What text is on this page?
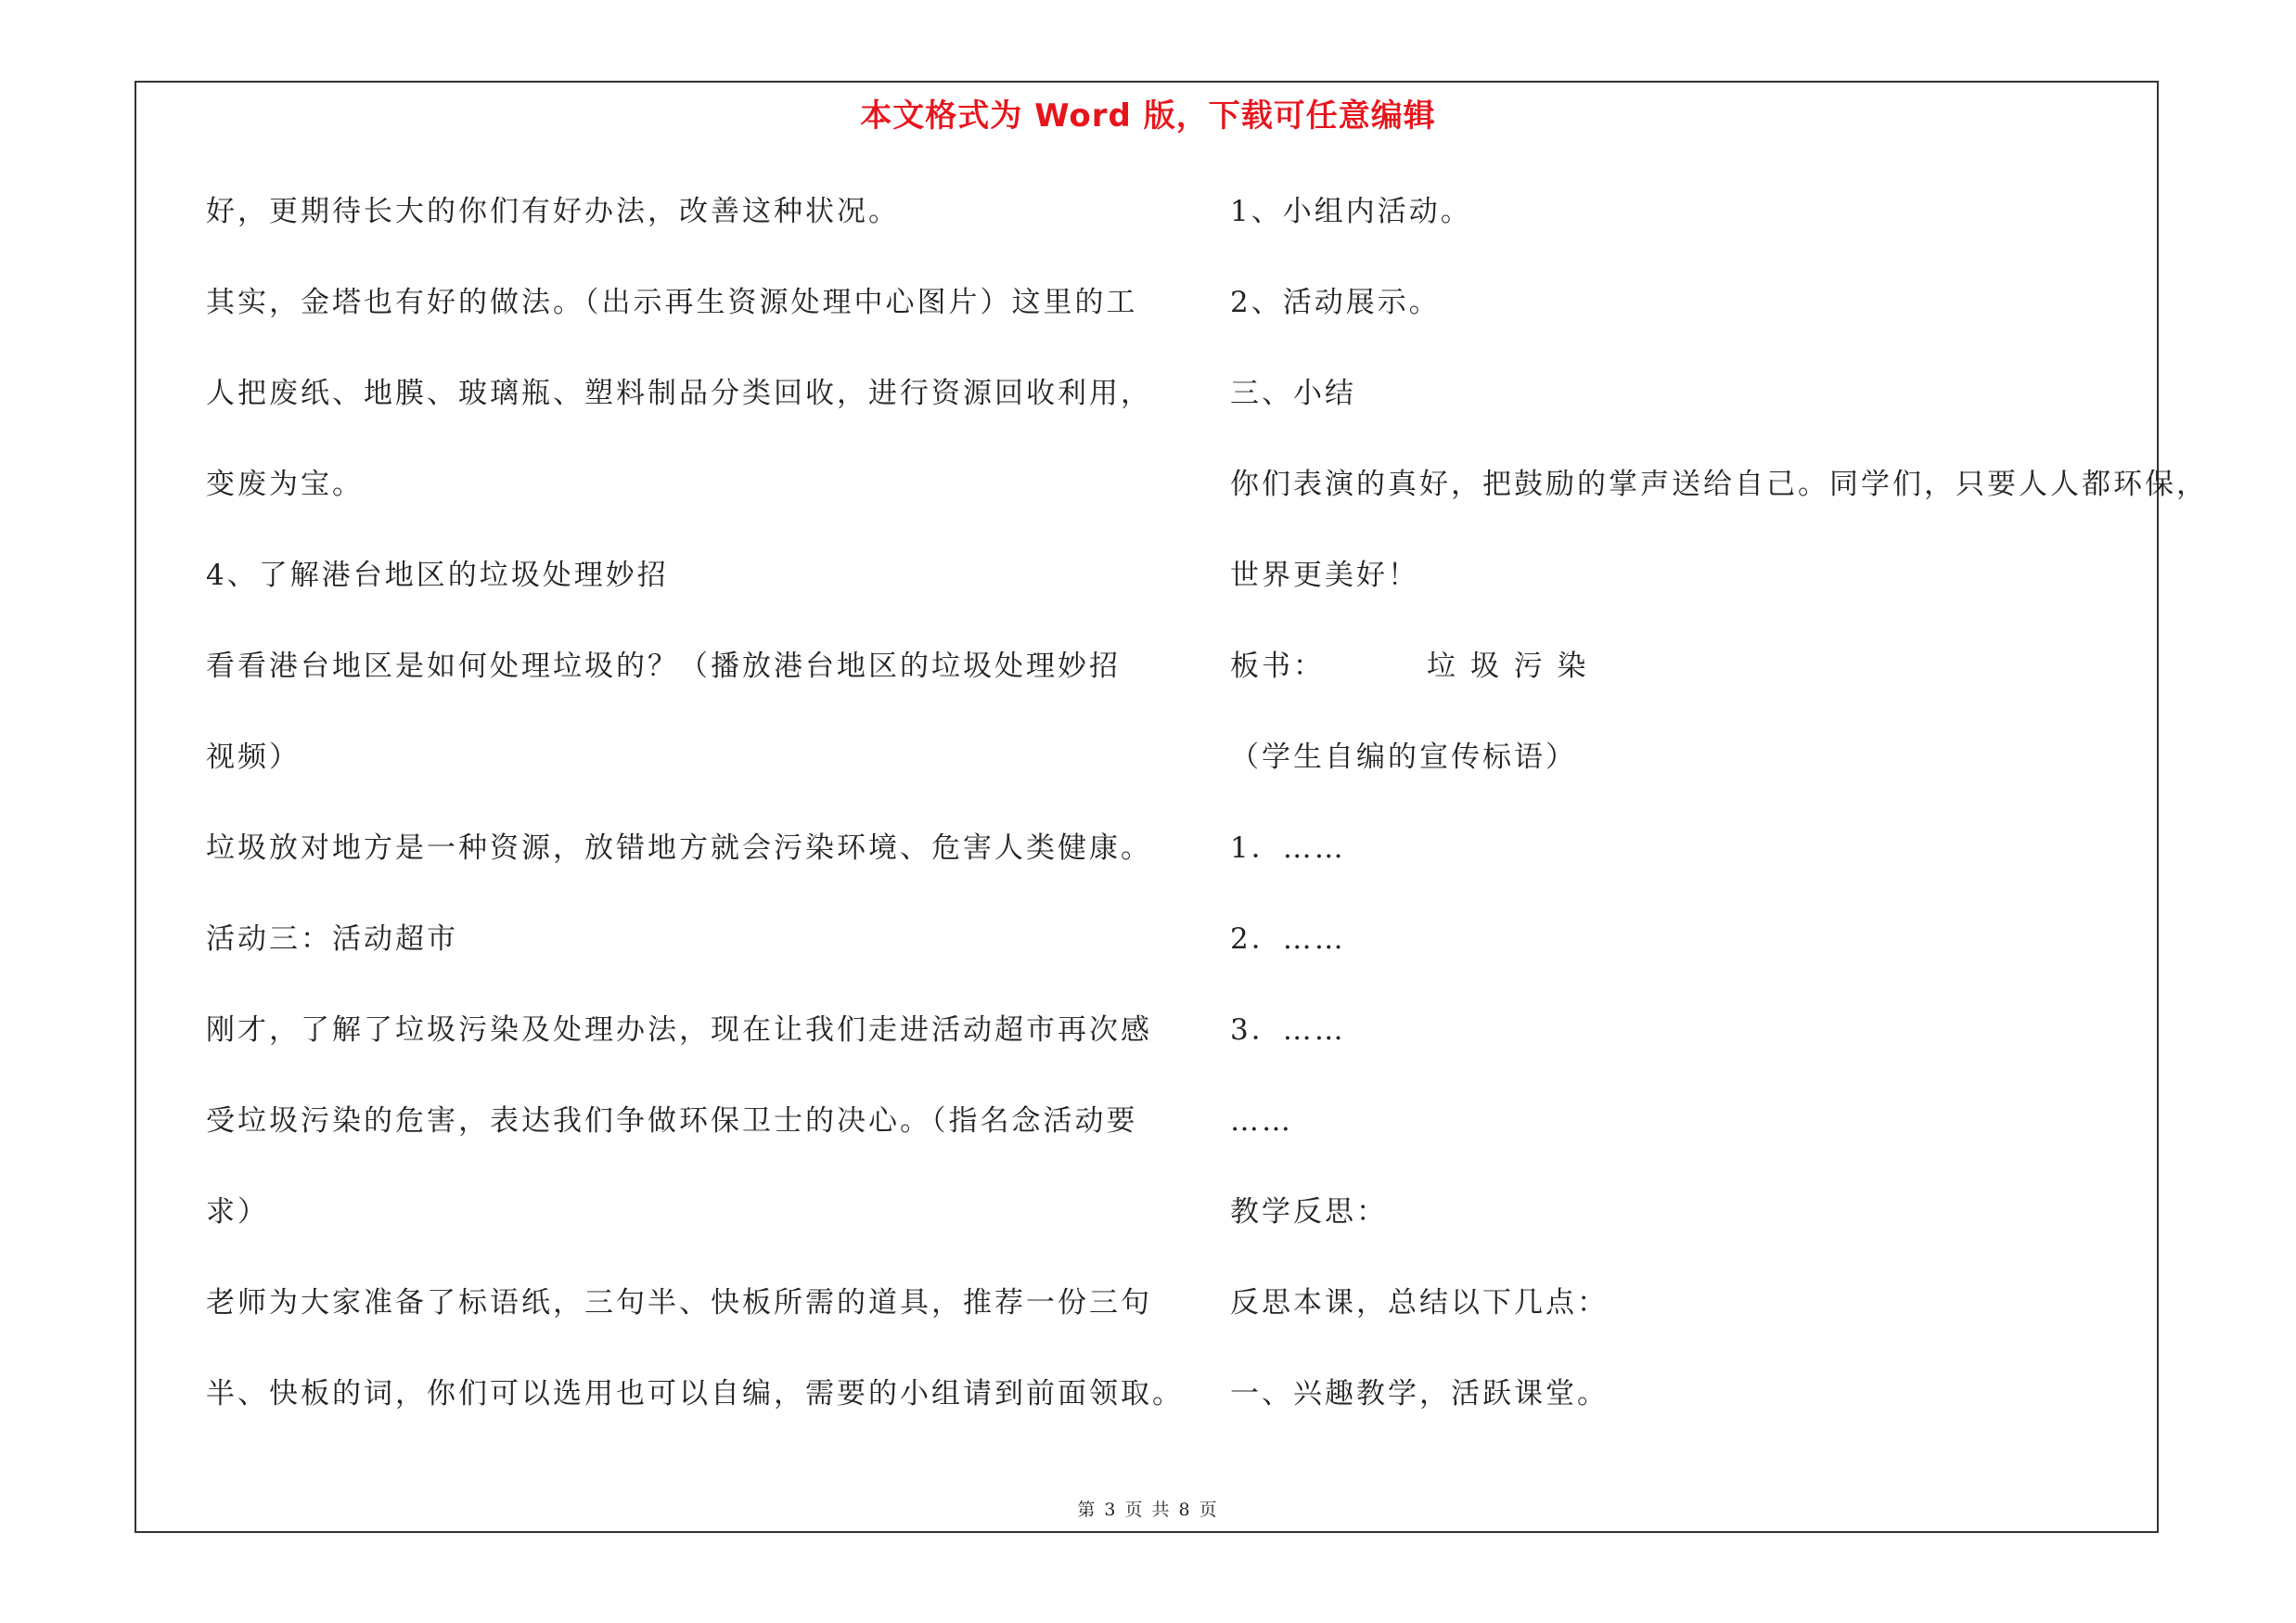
本文格式为 Word 版，下载可任意编辑
好，更期待长大的你们有好办法，改善这种状况。
其实，金塔也有好的做法。（出示再生资源处理中心图片）这里的工
人把废纸、地膜、玻璃瓶、塑料制品分类回收，进行资源回收利用，
变废为宝。
4、了解港台地区的垃圾处理妙招
看看港台地区是如何处理垃圾的？（播放港台地区的垃圾处理妙招
视频）
垃圾放对地方是一种资源，放错地方就会污染环境、危害人类健康。
活动三：活动超市
刚才，了解了垃圾污染及处理办法，现在让我们走进活动超市再次感
受垃圾污染的危害，表达我们争做环保卫士的决心。（指名念活动要
求）
老师为大家准备了标语纸，三句半、快板所需的道具，推荐一份三句
半、快板的词，你们可以选用也可以自编，需要的小组请到前面领取。
1、小组内活动。
2、活动展示。
三、小结
你们表演的真好，把鼓励的掌声送给自己。同学们，只要人人都环保，
世界更美好！
板书：	垃 圾 污 染
（学生自编的宣传标语）
1．……
2．……
3．……
……
教学反思：
反思本课，总结以下几点：
一、兴趣教学，活跃课堂。
第 3 页 共 8 页
